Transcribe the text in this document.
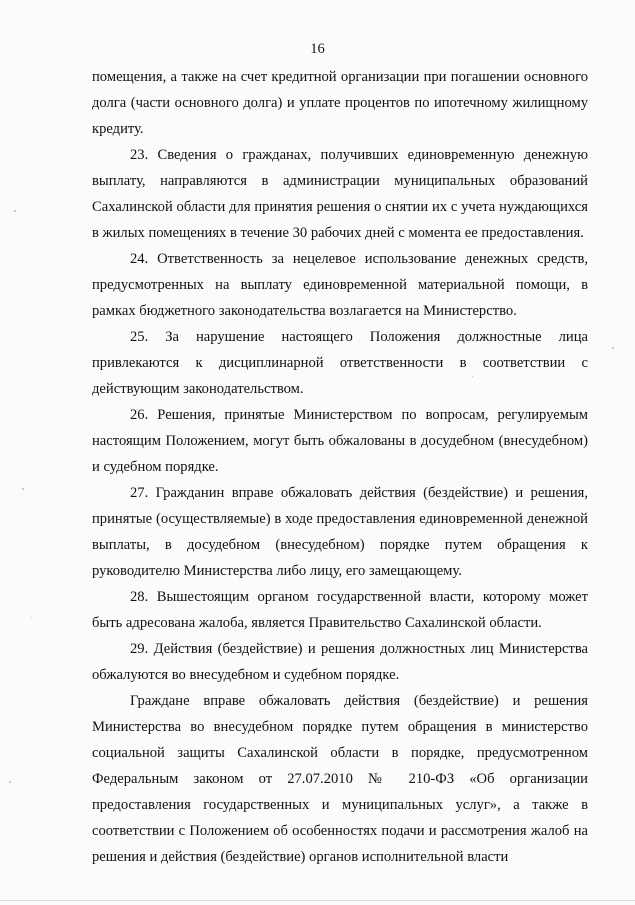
16

помещения, а также на счет кредитной организации при погашении основного долга (части основного долга) и уплате процентов по ипотечному жилищному кредиту.

23. Сведения о гражданах, получивших единовременную денежную выплату, направляются в администрации муниципальных образований Сахалинской области для принятия решения о снятии их с учета нуждающихся в жилых помещениях в течение 30 рабочих дней с момента ее предоставления.

24. Ответственность за нецелевое использование денежных средств, предусмотренных на выплату единовременной материальной помощи, в рамках бюджетного законодательства возлагается на Министерство.

25. За нарушение настоящего Положения должностные лица привлекаются к дисциплинарной ответственности в соответствии с действующим законодательством.

26. Решения, принятые Министерством по вопросам, регулируемым настоящим Положением, могут быть обжалованы в досудебном (внесудебном) и судебном порядке.

27. Гражданин вправе обжаловать действия (бездействие) и решения, принятые (осуществляемые) в ходе предоставления единовременной денежной выплаты, в досудебном (внесудебном) порядке путем обращения к руководителю Министерства либо лицу, его замещающему.

28. Вышестоящим органом государственной власти, которому может быть адресована жалоба, является Правительство Сахалинской области.

29. Действия (бездействие) и решения должностных лиц Министерства обжалуются во внесудебном и судебном порядке.

Граждане вправе обжаловать действия (бездействие) и решения Министерства во внесудебном порядке путем обращения в министерство социальной защиты Сахалинской области в порядке, предусмотренном Федеральным законом от 27.07.2010 № 210-ФЗ «Об организации предоставления государственных и муниципальных услуг», а также в соответствии с Положением об особенностях подачи и рассмотрения жалоб на решения и действия (бездействие) органов исполнительной власти
